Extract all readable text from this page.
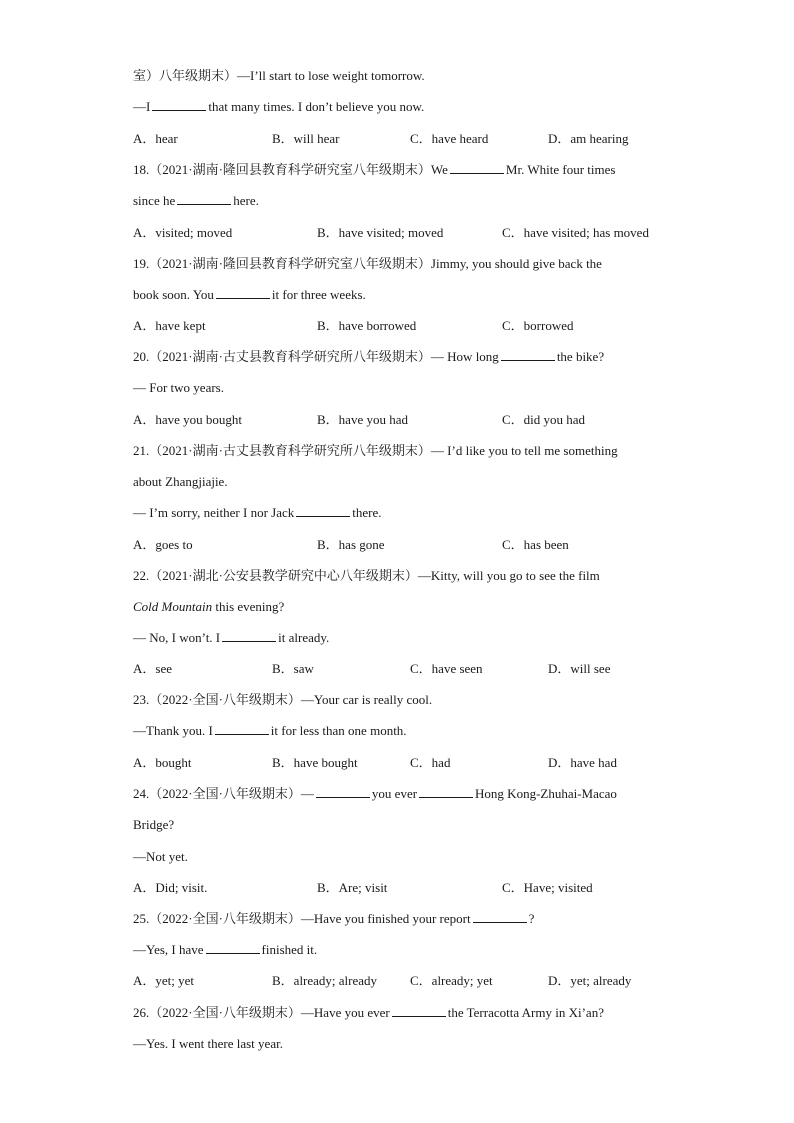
室）八年级期末）—I’ll start to lose weight tomorrow.
—I	that many times. I don’t believe you now.
A．hear	B．will hear	C．have heard	D．am hearing
18.（2021·湖南·隆回县教育科学研究室八年级期末）We	Mr. White four times
since he	here.
A．visited; moved	B．have visited; moved	C．have visited; has moved
19.（2021·湖南·隆回县教育科学研究室八年级期末）Jimmy, you should give back the
book soon. You	it for three weeks.
A．have kept	B．have borrowed	C．borrowed
20.（2021·湖南·古丈县教育科学研究所八年级期末）— How long	the bike?
— For two years.
A．have you bought	B．have you had	C．did you had
21.（2021·湖南·古丈县教育科学研究所八年级期末）— I’d like you to tell me something
about Zhangjiajie.
— I’m sorry, neither I nor Jack	there.
A．goes to	B．has gone	C．has been
22.（2021·湖北·公安县教学研究中心八年级期末）—Kitty, will you go to see the film
Cold Mountain this evening?
— No, I won’t. I	it already.
A．see	B．saw	C．have seen	D．will see
23.（2022·全国·八年级期末）—Your car is really cool.
—Thank you. I	it for less than one month.
A．bought	B．have bought	C．had	D．have had
24.（2022·全国·八年级期末）—	you ever	Hong Kong-Zhuhai-Macao
Bridge?
—Not yet.
A．Did; visit.	B．Are; visit	C．Have; visited
25.（2022·全国·八年级期末）—Have you finished your report	?
—Yes, I have	finished it.
A．yet; yet	B．already; already	C．already; yet	D．yet; already
26.（2022·全国·八年级期末）—Have you ever	the Terracotta Army in Xi’an?
—Yes. I went there last year.
